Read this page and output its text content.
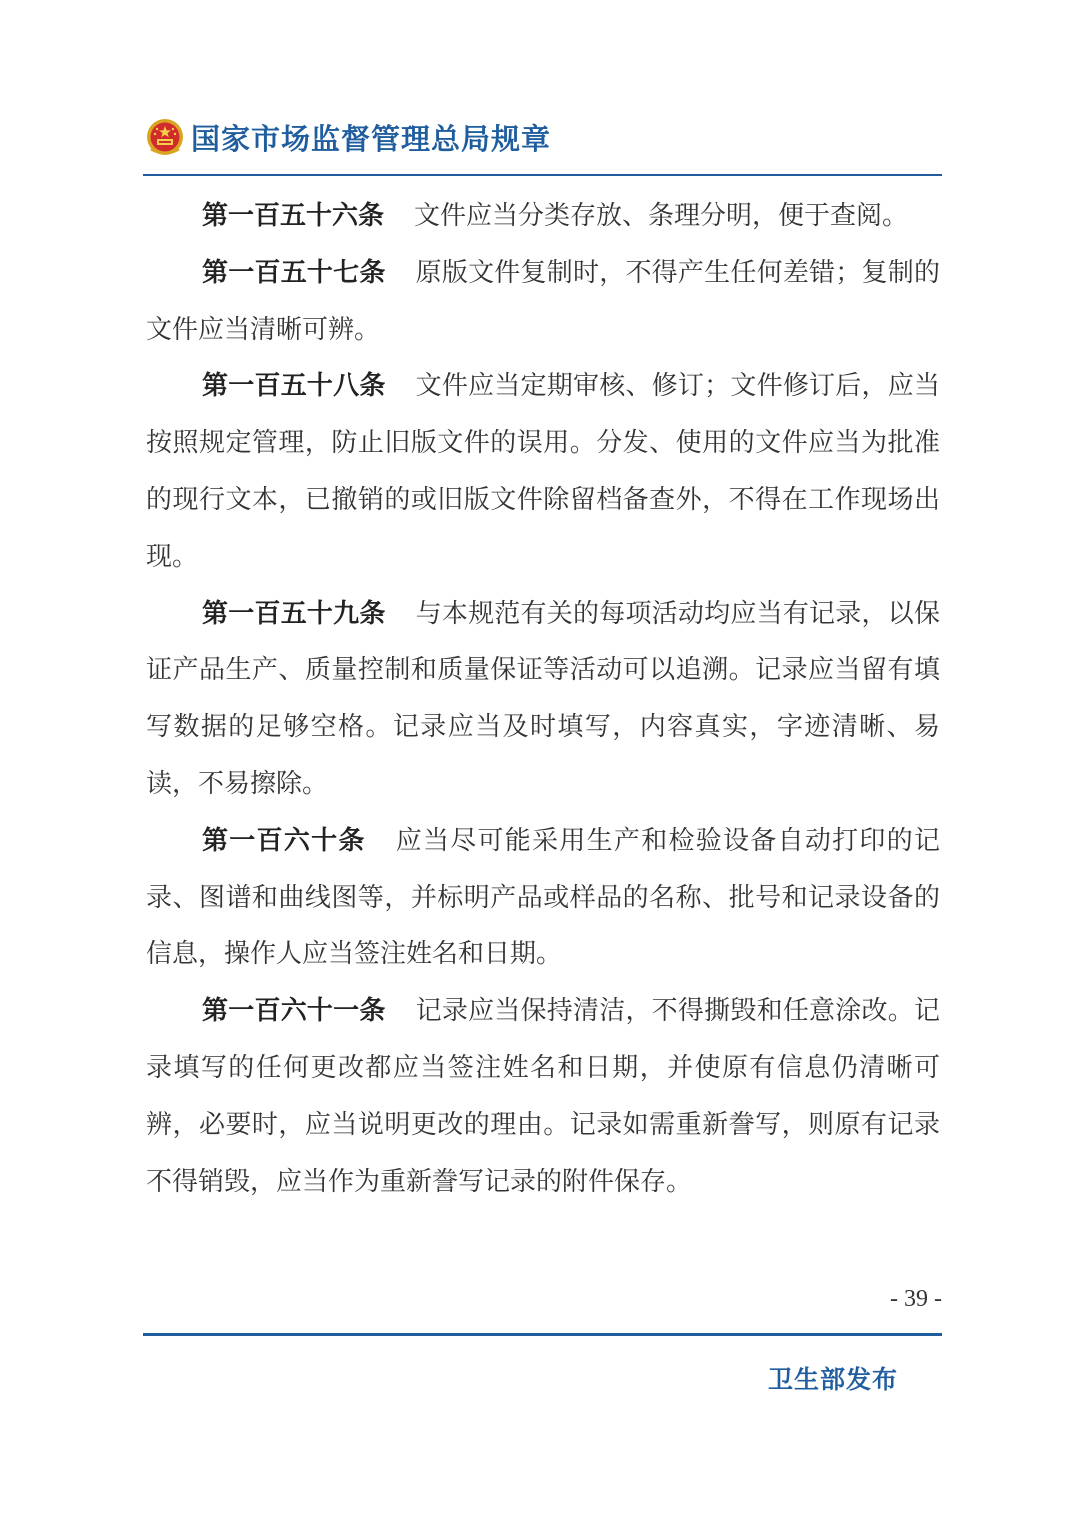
国家市场监督管理总局规章

第一百五十六条 文件应当分类存放、条理分明，便于查阅。

第一百五十七条 原版文件复制时，不得产生任何差错；复制的文件应当清晰可辨。

第一百五十八条 文件应当定期审核、修订；文件修订后，应当按照规定管理，防止旧版文件的误用。分发、使用的文件应当为批准的现行文本，已撤销的或旧版文件除留档备查外，不得在工作现场出现。

第一百五十九条 与本规范有关的每项活动均应当有记录，以保证产品生产、质量控制和质量保证等活动可以追溯。记录应当留有填写数据的足够空格。记录应当及时填写，内容真实，字迹清晰、易读，不易擦除。

第一百六十条 应当尽可能采用生产和检验设备自动打印的记录、图谱和曲线图等，并标明产品或样品的名称、批号和记录设备的信息，操作人应当签注姓名和日期。

第一百六十一条 记录应当保持清洁，不得撕毁和任意涂改。记录填写的任何更改都应当签注姓名和日期，并使原有信息仍清晰可辨，必要时，应当说明更改的理由。记录如需重新誊写，则原有记录不得销毁，应当作为重新誊写记录的附件保存。

- 39 -
卫生部发布
